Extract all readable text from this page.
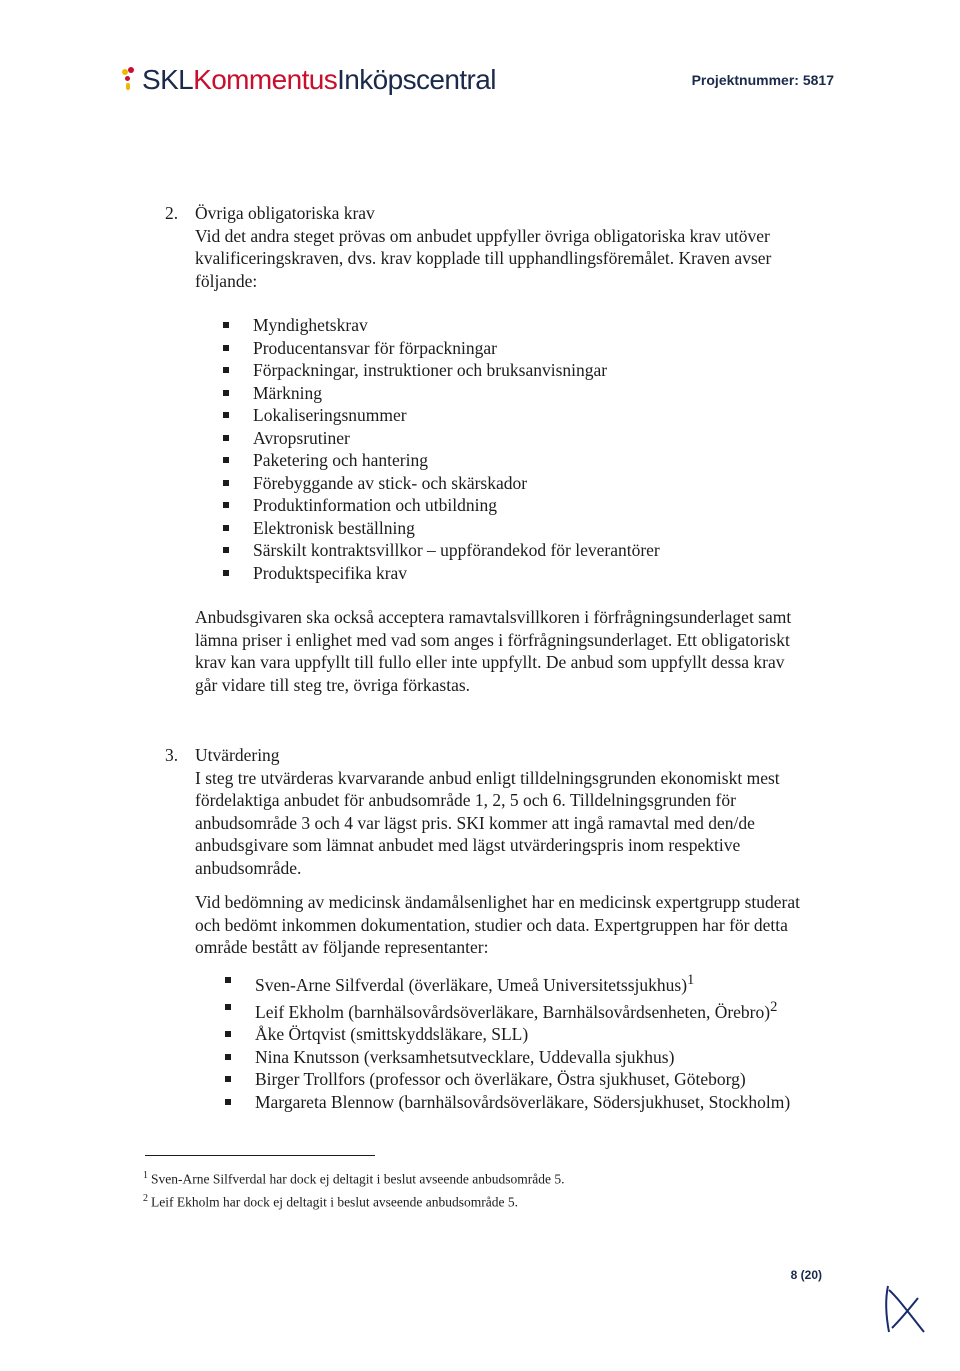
SKL Kommentus Inköpscentral	Projektnummer: 5817
2. Övriga obligatoriska krav

Vid det andra steget prövas om anbudet uppfyller övriga obligatoriska krav utöver kvalificeringskraven, dvs. krav kopplade till upphandlingsföremålet. Kraven avser följande:

Myndighetskrav
Producentansvar för förpackningar
Förpackningar, instruktioner och bruksanvisningar
Märkning
Lokaliseringsnummer
Avropsrutiner
Paketering och hantering
Förebyggande av stick- och skärskador
Produktinformation och utbildning
Elektronisk beställning
Särskilt kontraktsvillkor – uppförandekod för leverantörer
Produktspecifika krav

Anbudsgivaren ska också acceptera ramavtalsvillkoren i förfrågningsunderlaget samt lämna priser i enlighet med vad som anges i förfrågningsunderlaget. Ett obligatoriskt krav kan vara uppfyllt till fullo eller inte uppfyllt. De anbud som uppfyllt dessa krav går vidare till steg tre, övriga förkastas.

3. Utvärdering

I steg tre utvärderas kvarvarande anbud enligt tilldelningsgrunden ekonomiskt mest fördelaktiga anbudet för anbudsområde 1, 2, 5 och 6. Tilldelningsgrunden för anbudsområde 3 och 4 var lägst pris. SKI kommer att ingå ramavtal med den/de anbudsgivare som lämnat anbudet med lägst utvärderingspris inom respektive anbudsområde.

Vid bedömning av medicinsk ändamålsenlighet har en medicinsk expertgrupp studerat och bedömt inkommen dokumentation, studier och data. Expertgruppen har för detta område bestått av följande representanter:

Sven-Arne Silfverdal (överläkare, Umeå Universitetssjukhus)$^1$
Leif Ekholm (barnhälsovårdsöverläkare, Barnhälsovårdsenheten, Örebro)$^2$
Åke Örtqvist (smittskyddsläkare, SLL)
Nina Knutsson (verksamhetsutvecklare, Uddevalla sjukhus)
Birger Trollfors (professor och överläkare, Östra sjukhuset, Göteborg)
Margareta Blennow (barnhälsovårdsöverläkare, Södersjukhuset, Stockholm)
$^1$ Sven-Arne Silfverdal har dock ej deltagit i beslut avseende anbudsområde 5.
$^2$ Leif Ekholm har dock ej deltagit i beslut avseende anbudsområde 5.
8 (20)
